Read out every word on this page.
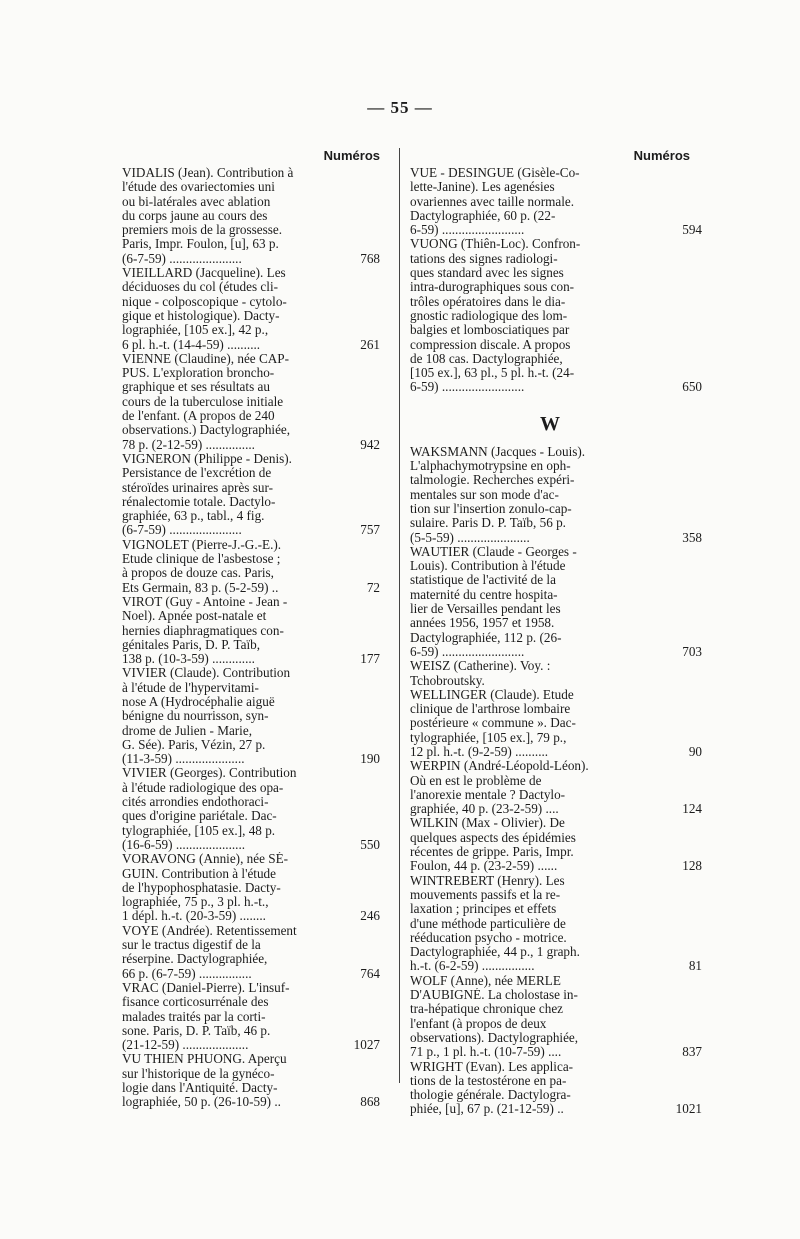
— 55 —
Numéros
VIDALIS (Jean). Contribution à
l'étude des ovariectomies uni
ou bi-latérales avec ablation
du corps jaune au cours des
premiers mois de la grossesse.
Paris, Impr. Foulon, [u], 63 p.
(6-7-59) ......................	768
VIEILLARD (Jacqueline). Les
déciduoses du col (études cli-
nique - colposcopique - cytolo-
gique et histologique). Dacty-
lographiée, [105 ex.], 42 p.,
6 pl. h.-t. (14-4-59) ..........	261
VIENNE (Claudine), née CAP-
PUS. L'exploration broncho-
graphique et ses résultats au
cours de la tuberculose initiale
de l'enfant. (A propos de 240
observations.) Dactylographiée,
78 p. (2-12-59) ...............	942
VIGNERON (Philippe - Denis).
Persistance de l'excrétion de
stéroïdes urinaires après sur-
rénalectomie totale. Dactylo-
graphiée, 63 p., tabl., 4 fig.
(6-7-59) ......................	757
VIGNOLET (Pierre-J.-G.-E.).
Etude clinique de l'asbestose ;
à propos de douze cas. Paris,
Ets Germain, 83 p. (5-2-59) ..	72
VIROT (Guy - Antoine - Jean -
Noel). Apnée post-natale et
hernies diaphragmatiques con-
génitales Paris, D. P. Taïb,
138 p. (10-3-59) .............	177
VIVIER (Claude). Contribution
à l'étude de l'hypervitami-
nose A (Hydrocéphalie aiguë
bénigne du nourrisson, syn-
drome de Julien - Marie,
G. Sée). Paris, Vézin, 27 p.
(11-3-59) .....................	190
VIVIER (Georges). Contribution
à l'étude radiologique des opa-
cités arrondies endothoraci-
ques d'origine pariétale. Dac-
tylographiée, [105 ex.], 48 p.
(16-6-59) .....................	550
VORAVONG (Annie), née SÉ-
GUIN. Contribution à l'étude
de l'hypophosphatasie. Dacty-
lographiée, 75 p., 3 pl. h.-t.,
1 dépl. h.-t. (20-3-59) ........	246
VOYE (Andrée). Retentissement
sur le tractus digestif de la
réserpine. Dactylographiée,
66 p. (6-7-59) ................	764
VRAC (Daniel-Pierre). L'insuf-
fisance corticosurrénale des
malades traités par la corti-
sone. Paris, D. P. Taïb, 46 p.
(21-12-59) ....................	1027
VU THIEN PHUONG. Aperçu
sur l'historique de la gynéco-
logie dans l'Antiquité. Dacty-
lographiée, 50 p. (26-10-59) ..	868
Numéros
VUE - DESINGUE (Gisèle-Co-
lette-Janine). Les agenésies
ovariennes avec taille normale.
Dactylographiée, 60 p. (22-
6-59) .........................	594
VUONG (Thiên-Loc). Confron-
tations des signes radiologi-
ques standard avec les signes
intra-durographiques sous con-
trôles opératoires dans le dia-
gnostic radiologique des lom-
balgies et lombosciatiques par
compression discale. A propos
de 108 cas. Dactylographiée,
[105 ex.], 63 pl., 5 pl. h.-t. (24-
6-59) .........................	650
W
WAKSMANN (Jacques - Louis).
L'alphachymotrypsine en oph-
talmologie. Recherches expéri-
mentales sur son mode d'ac-
tion sur l'insertion zonulo-cap-
sulaire. Paris D. P. Taïb, 56 p.
(5-5-59) ......................	358
WAUTIER (Claude - Georges -
Louis). Contribution à l'étude
statistique de l'activité de la
maternité du centre hospita-
lier de Versailles pendant les
années 1956, 1957 et 1958.
Dactylographiée, 112 p. (26-
6-59) .........................	703
WEISZ (Catherine). Voy. :
Tchobroutsky.
WELLINGER (Claude). Etude
clinique de l'arthrose lombaire
postérieure « commune ». Dac-
tylographiée, [105 ex.], 79 p.,
12 pl. h.-t. (9-2-59) ..........	90
WERPIN (André-Léopold-Léon).
Où en est le problème de
l'anorexie mentale ? Dactylo-
graphiée, 40 p. (23-2-59) ....	124
WILKIN (Max - Olivier). De
quelques aspects des épidémies
récentes de grippe. Paris, Impr.
Foulon, 44 p. (23-2-59) ......	128
WINTREBERT (Henry). Les
mouvements passifs et la re-
laxation ; principes et effets
d'une méthode particulière de
rééducation psycho - motrice.
Dactylographiée, 44 p., 1 graph.
h.-t. (6-2-59) ................	81
WOLF (Anne), née MERLE
D'AUBIGNÉ. La cholostase in-
tra-hépatique chronique chez
l'enfant (à propos de deux
observations). Dactylographiée,
71 p., 1 pl. h.-t. (10-7-59) ....	837
WRIGHT (Evan). Les applica-
tions de la testostérone en pa-
thologie générale. Dactylogra-
phiée, [u], 67 p. (21-12-59) ..	1021
